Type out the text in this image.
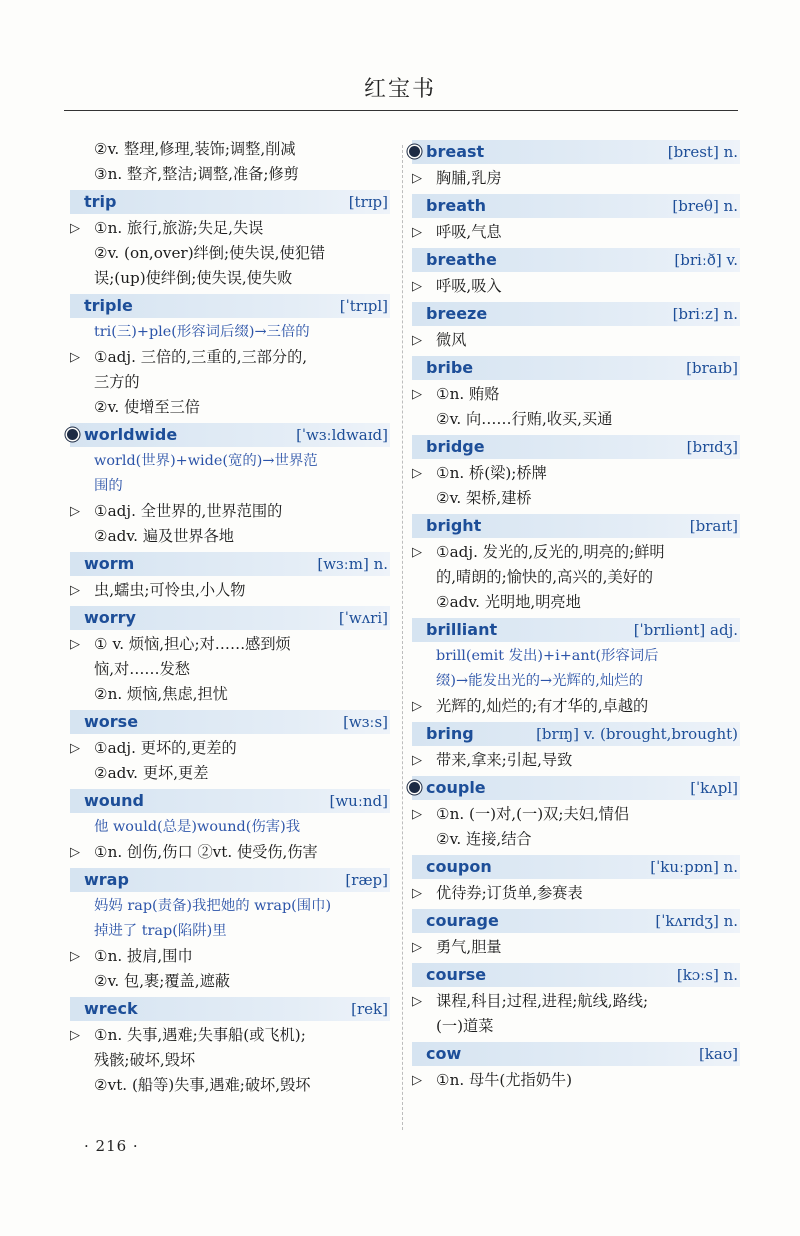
红宝书
②v. 整理,修理,装饰;调整,削减
③n. 整齐,整洁;调整,准备;修剪
trip	[trɪp]
▷ ①n. 旅行,旅游;失足,失误
②v. (on,over)绊倒;使失误,使犯错
误;(up)使绊倒;使失误,使失败
triple	[ˈtrɪpl]
tri(三)+ple(形容词后缀)→三倍的
▷ ①adj. 三倍的,三重的,三部分的,
三方的
②v. 使增至三倍
worldwide	[ˈwɜːldwaɪd]
world(世界)+wide(宽的)→世界范
围的
▷ ①adj. 全世界的,世界范围的
②adv. 遍及世界各地
worm	[wɜːm] n.
▷ 虫,蠕虫;可怜虫,小人物
worry	[ˈwʌri]
▷ ① v. 烦恼,担心;对……感到烦
恼,对……发愁
②n. 烦恼,焦虑,担忧
worse	[wɜːs]
▷ ①adj. 更坏的,更差的
②adv. 更坏,更差
wound	[wuːnd]
他 would(总是)wound(伤害)我
▷ ①n. 创伤,伤口 ②vt. 使受伤,伤害
wrap	[ræp]
妈妈 rap(责备)我把她的 wrap(围巾)
掉进了 trap(陷阱)里
▷ ①n. 披肩,围巾
②v. 包,裹;覆盖,遮蔽
wreck	[rek]
▷ ①n. 失事,遇难;失事船(或飞机);
残骸;破坏,毁坏
②vt. (船等)失事,遇难;破坏,毁坏
breast	[brest] n.
▷ 胸脯,乳房
breath	[breθ] n.
▷ 呼吸,气息
breathe	[briːð] v.
▷ 呼吸,吸入
breeze	[briːz] n.
▷ 微风
bribe	[braɪb]
▷ ①n. 贿赂
②v. 向……行贿,收买,买通
bridge	[brɪdʒ]
▷ ①n. 桥(梁);桥牌
②v. 架桥,建桥
bright	[braɪt]
▷ ①adj. 发光的,反光的,明亮的;鲜明
的,晴朗的;愉快的,高兴的,美好的
②adv. 光明地,明亮地
brilliant	[ˈbrɪliənt] adj.
brill(emit 发出)+i+ant(形容词后
缀)→能发出光的→光辉的,灿烂的
▷ 光辉的,灿烂的;有才华的,卓越的
bring	[brɪŋ] v. (brought,brought)
▷ 带来,拿来;引起,导致
couple	[ˈkʌpl]
▷ ①n. (一)对,(一)双;夫妇,情侣
②v. 连接,结合
coupon	[ˈkuːpɒn] n.
▷ 优待券;订货单,参赛表
courage	[ˈkʌrɪdʒ] n.
▷ 勇气,胆量
course	[kɔːs] n.
▷ 课程,科目;过程,进程;航线,路线;
(一)道菜
cow	[kaʊ]
▷ ①n. 母牛(尤指奶牛)
· 216 ·
